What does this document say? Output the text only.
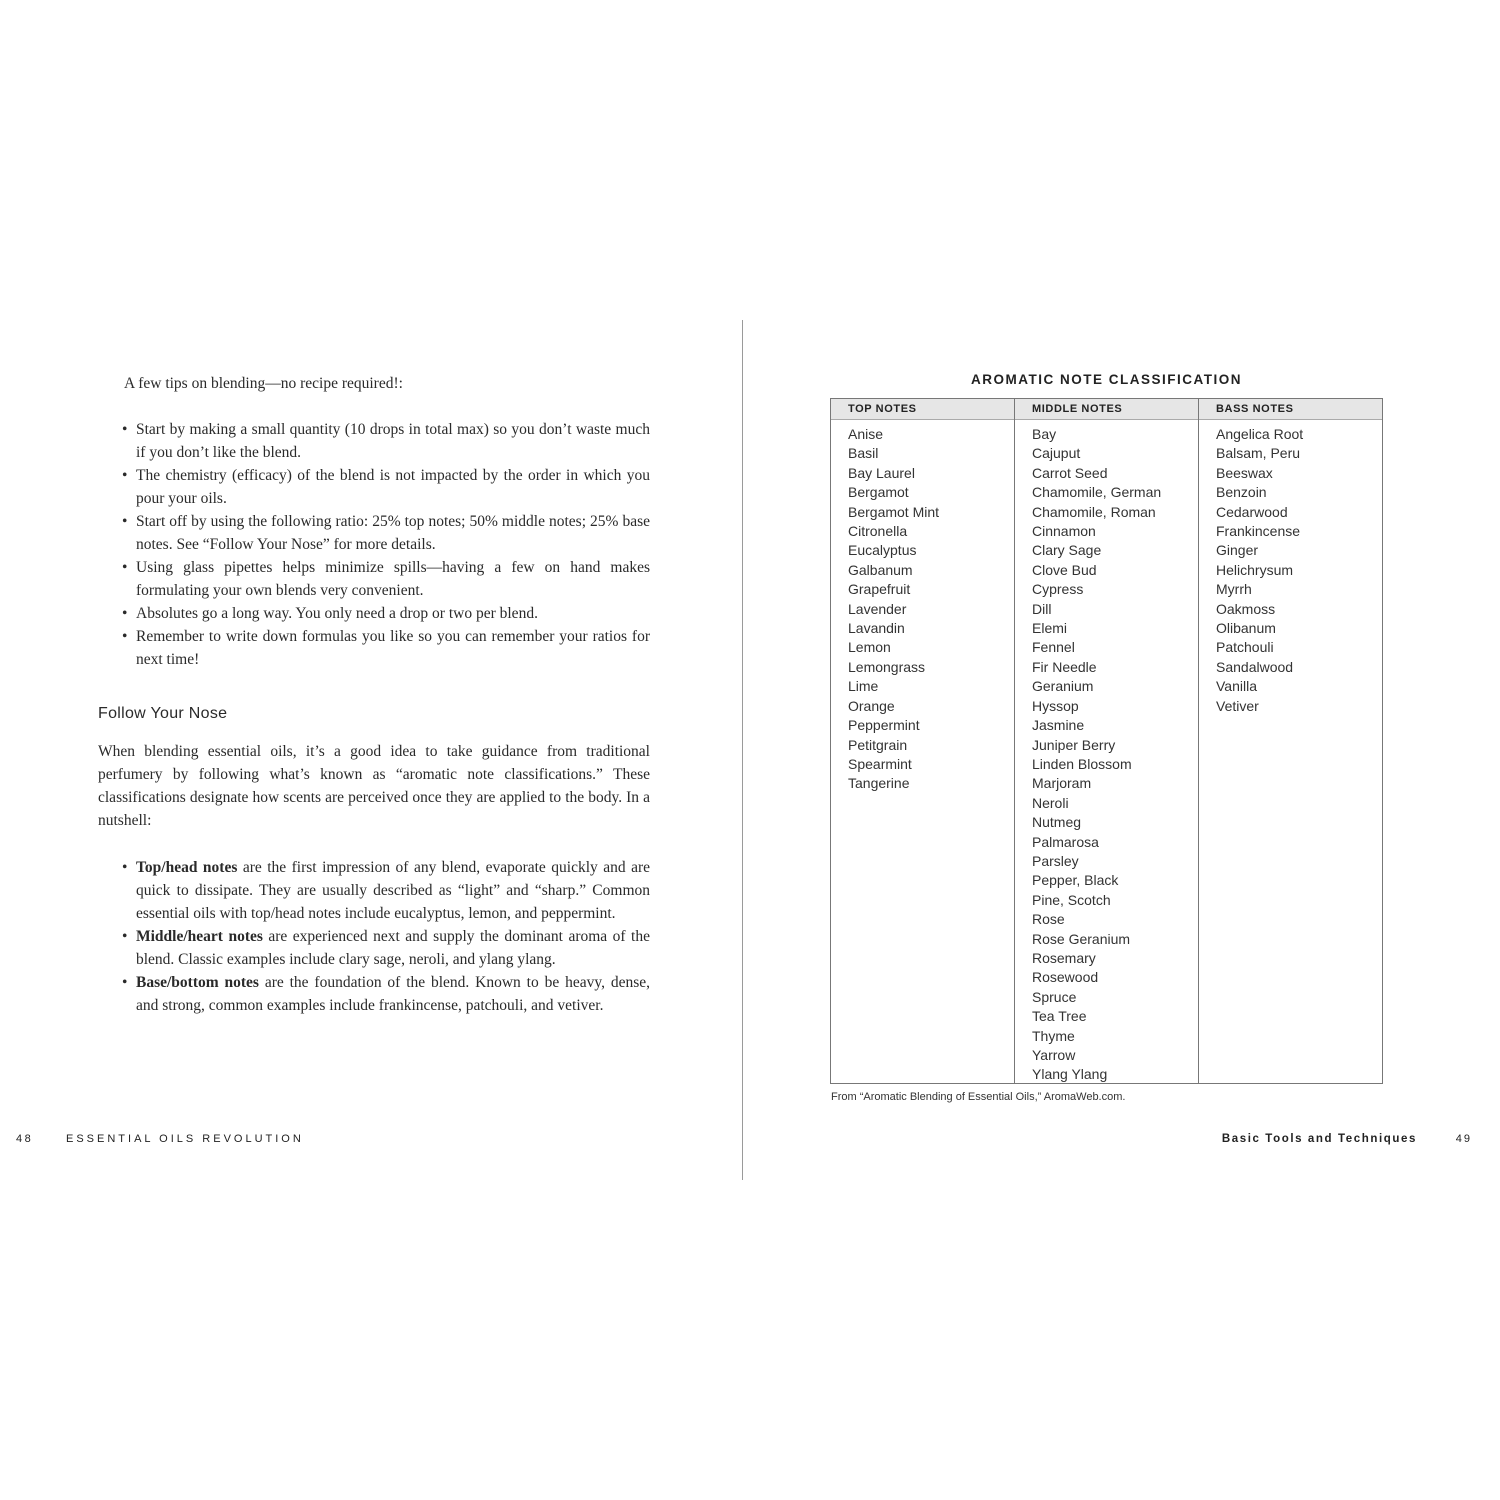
A few tips on blending—no recipe required!:

• Start by making a small quantity (10 drops in total max) so you don’t waste much if you don’t like the blend.
• The chemistry (efficacy) of the blend is not impacted by the order in which you pour your oils.
• Start off by using the following ratio: 25% top notes; 50% middle notes; 25% base notes. See “Follow Your Nose” for more details.
• Using glass pipettes helps minimize spills—having a few on hand makes formulating your own blends very convenient.
• Absolutes go a long way. You only need a drop or two per blend.
• Remember to write down formulas you like so you can remember your ratios for next time!
Follow Your Nose

When blending essential oils, it’s a good idea to take guidance from traditional perfumery by following what’s known as “aromatic note classifications.” These classifications designate how scents are perceived once they are applied to the body. In a nutshell:

• Top/head notes are the first impression of any blend, evaporate quickly and are quick to dissipate. They are usually described as “light” and “sharp.” Common essential oils with top/head notes include eucalyptus, lemon, and peppermint.
• Middle/heart notes are experienced next and supply the dominant aroma of the blend. Classic examples include clary sage, neroli, and ylang ylang.
• Base/bottom notes are the foundation of the blend. Known to be heavy, dense, and strong, common examples include frankincense, patchouli, and vetiver.
48	ESSENTIAL OILS REVOLUTION
AROMATIC NOTE CLASSIFICATION
TOP NOTES
Anise
Basil
Bay Laurel
Bergamot
Bergamot Mint
Citronella
Eucalyptus
Galbanum
Grapefruit
Lavender
Lavandin
Lemon
Lemongrass
Lime
Orange
Peppermint
Petitgrain
Spearmint
Tangerine
MIDDLE NOTES
Bay
Cajuput
Carrot Seed
Chamomile, German
Chamomile, Roman
Cinnamon
Clary Sage
Clove Bud
Cypress
Dill
Elemi
Fennel
Fir Needle
Geranium
Hyssop
Jasmine
Juniper Berry
Linden Blossom
Marjoram
Neroli
Nutmeg
Palmarosa
Parsley
Pepper, Black
Pine, Scotch
Rose
Rose Geranium
Rosemary
Rosewood
Spruce
Tea Tree
Thyme
Yarrow
Ylang Ylang
BASS NOTES
Angelica Root
Balsam, Peru
Beeswax
Benzoin
Cedarwood
Frankincense
Ginger
Helichrysum
Myrrh
Oakmoss
Olibanum
Patchouli
Sandalwood
Vanilla
Vetiver

From “Aromatic Blending of Essential Oils,” AromaWeb.com.

Basic Tools and Techniques	49
